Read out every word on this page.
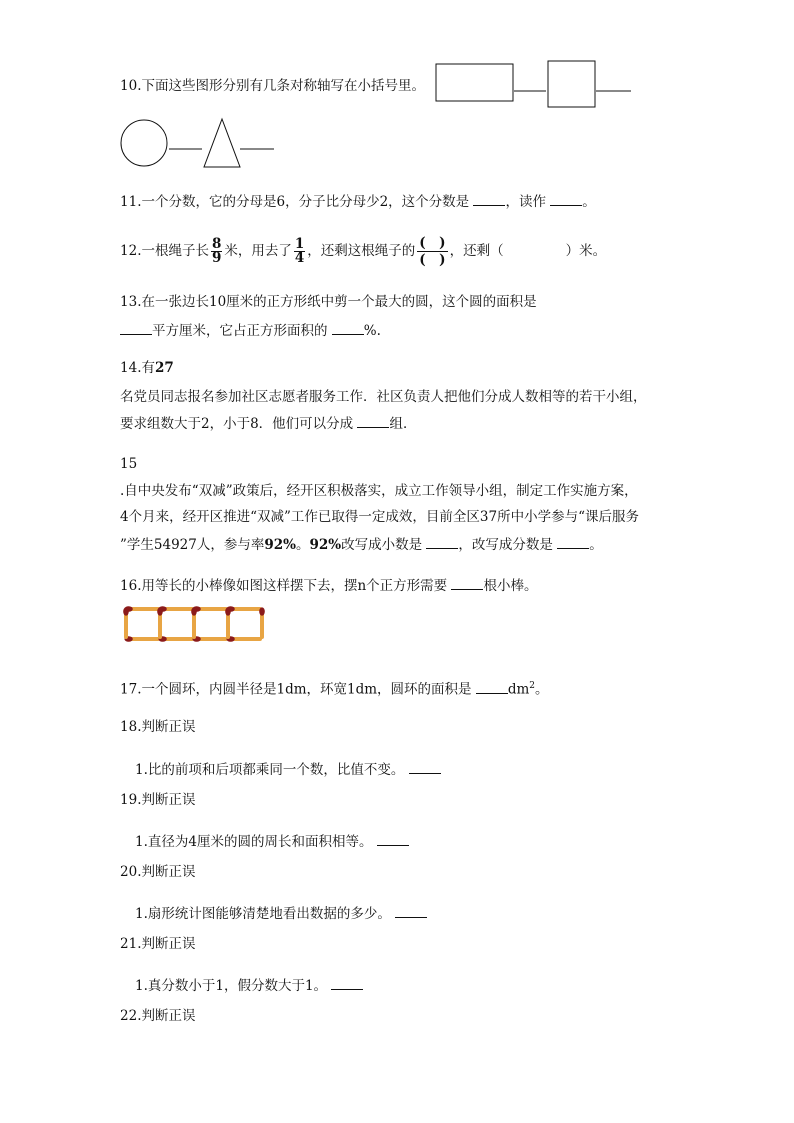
10.下面这些图形分别有几条对称轴写在小括号里。
11.一个分数，它的分母是6，分子比分母少2，这个分数是 ，读作 。
12.一根绳子长 $\frac{8}{9}$ 米，用去了 $\frac{1}{4}$ ，还剩这根绳子的 $\frac{( )}{( )}$ ，还剩（	）米。
13.在一张边长10厘米的正方形纸中剪一个最大的圆，这个圆的面积是
平方厘米，它占正方形面积的 %.
14.有27
名党员同志报名参加社区志愿者服务工作．社区负责人把他们分成人数相等的若干小组，
要求组数大于2，小于8．他们可以分成 组．
15
.自中央发布“双减”政策后，经开区积极落实，成立工作领导小组，制定工作实施方案，
4个月来，经开区推进“双减”工作已取得一定成效，目前全区37所中小学参与“课后服务
”学生54927人，参与率92%。92%改写成小数是 ，改写成分数是 。
16.用等长的小棒像如图这样摆下去，摆n个正方形需要 根小棒。
17.一个圆环，内圆半径是1dm，环宽1dm，圆环的面积是 $dm^2$。
18.判断正误
1.比的前项和后项都乘同一个数，比值不变。
19.判断正误
1.直径为4厘米的圆的周长和面积相等。
20.判断正误
1.扇形统计图能够清楚地看出数据的多少。
21.判断正误
1.真分数小于1，假分数大于1。
22.判断正误
